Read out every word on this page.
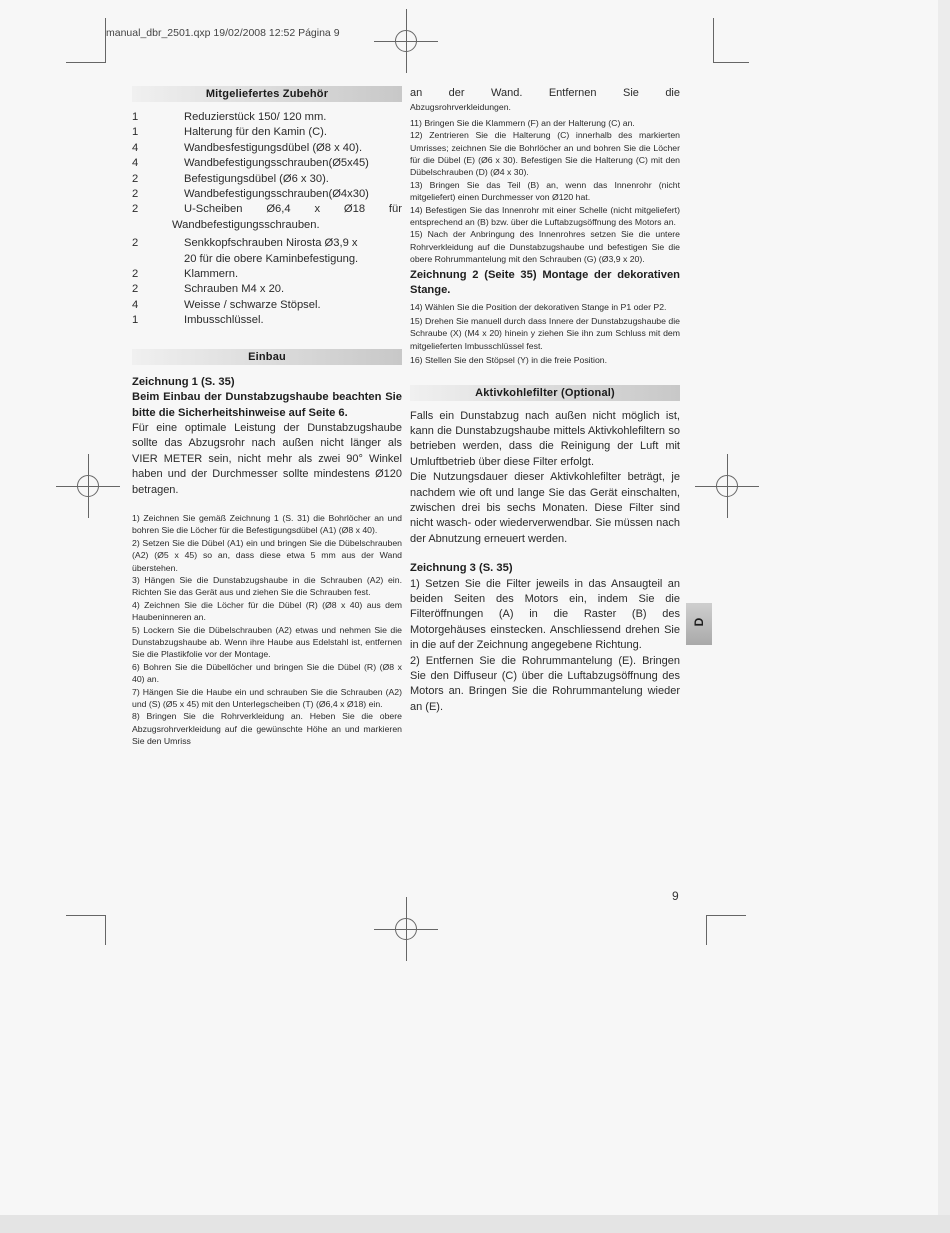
manual_dbr_2501.qxp 19/02/2008 12:52 Página 9
Mitgeliefertes Zubehör
1	Reduzierstück 150/ 120 mm.
1	Halterung für den Kamin (C).
4	Wandbesfestigungsdübel (Ø8 x 40).
4	Wandbefestigungsschrauben(Ø5x45)
2	Befestigungsdübel (Ø6 x 30).
2	Wandbefestigungsschrauben(Ø4x30)
2	U-Scheiben Ø6,4 x Ø18 für
Wandbefestigungsschrauben.
2	Senkkopfschrauben Nirosta Ø3,9 x
20 für die obere Kaminbefestigung.
2	Klammern.
2	Schrauben M4 x 20.
4	Weisse / schwarze Stöpsel.
1	Imbusschlüssel.
Einbau

Zeichnung 1 (S. 35)

Beim Einbau der Dunstabzugshaube beachten Sie bitte die Sicherheitshinweise auf Seite 6.

Für eine optimale Leistung der Dunstabzugshaube sollte das Abzugsrohr nach außen nicht länger als VIER METER sein, nicht mehr als zwei 90° Winkel haben und der Durchmesser sollte mindestens Ø120 betragen.

1) Zeichnen Sie gemäß Zeichnung 1 (S. 31) die Bohrlöcher an und bohren Sie die Löcher für die Befestigungsdübel (A1) (Ø8 x 40).

2) Setzen Sie die Dübel (A1) ein und bringen Sie die Dübelschrauben (A2) (Ø5 x 45) so an, dass diese etwa 5 mm aus der Wand überstehen.

3) Hängen Sie die Dunstabzugshaube in die Schrauben (A2) ein. Richten Sie das Gerät aus und ziehen Sie die Schrauben fest.

4) Zeichnen Sie die Löcher für die Dübel (R) (Ø8 x 40) aus dem Haubeninneren an.

5) Lockern Sie die Dübelschrauben (A2) etwas und nehmen Sie die Dunstabzugshaube ab. Wenn ihre Haube aus Edelstahl ist, entfernen Sie die Plastikfolie vor der Montage.

6) Bohren Sie die Dübellöcher und bringen Sie die Dübel (R) (Ø8 x 40) an.

7) Hängen Sie die Haube ein und schrauben Sie die Schrauben (A2) und (S) (Ø5 x 45) mit den Unterlegscheiben (T) (Ø6,4 x Ø18) ein.

8) Bringen Sie die Rohrverkleidung an. Heben Sie die obere Abzugsrohrverkleidung auf die gewünschte Höhe an und markieren Sie den Umriss

an der Wand. Entfernen Sie die

Abzugsrohrverkleidungen.

11) Bringen Sie die Klammern (F) an der Halterung (C) an.

12) Zentrieren Sie die Halterung (C) innerhalb des markierten Umrisses; zeichnen Sie die Bohrlöcher an und bohren Sie die Löcher für die Dübel (E) (Ø6 x 30). Befestigen Sie die Halterung (C) mit den Dübelschrauben (D) (Ø4 x 30).

13) Bringen Sie das Teil (B) an, wenn das Innenrohr (nicht mitgeliefert) einen Durchmesser von Ø120 hat.

14) Befestigen Sie das Innenrohr mit einer Schelle (nicht mitgeliefert) entsprechend an (B) bzw. über die Luftabzugsöffnung des Motors an.

15) Nach der Anbringung des Innenrohres setzen Sie die untere Rohrverkleidung auf die Dunstabzugshaube und befestigen Sie die obere Rohrummantelung mit den Schrauben (G) (Ø3,9 x 20).

Zeichnung 2 (Seite 35) Montage der dekorativen Stange.

14) Wählen Sie die Position der dekorativen Stange in P1 oder P2.

15) Drehen Sie manuell durch dass Innere der Dunstabzugshaube die Schraube (X) (M4 x 20) hinein y ziehen Sie ihn zum Schluss mit dem mitgelieferten Imbusschlüssel fest.

16) Stellen Sie den Stöpsel (Y) in die freie Position.

Aktivkohlefilter (Optional)

Falls ein Dunstabzug nach außen nicht möglich ist, kann die Dunstabzugshaube mittels Aktivkohlefiltern so betrieben werden, dass die Reinigung der Luft mit Umluftbetrieb über diese Filter erfolgt.

Die Nutzungsdauer dieser Aktivkohlefilter beträgt, je nachdem wie oft und lange Sie das Gerät einschalten, zwischen drei bis sechs Monaten. Diese Filter sind nicht wasch- oder wiederverwendbar. Sie müssen nach der Abnutzung erneuert werden.

Zeichnung 3 (S. 35)

1) Setzen Sie die Filter jeweils in das Ansaugteil an beiden Seiten des Motors ein, indem Sie die Filteröffnungen (A) in die Raster (B) des Motorgehäuses einstecken. Anschliessend drehen Sie in die auf der Zeichnung angegebene Richtung.

2) Entfernen Sie die Rohrummantelung (E). Bringen Sie den Diffuseur (C) über die Luftabzugsöffnung des Motors an. Bringen Sie die Rohrummantelung wieder an (E).

D
9
